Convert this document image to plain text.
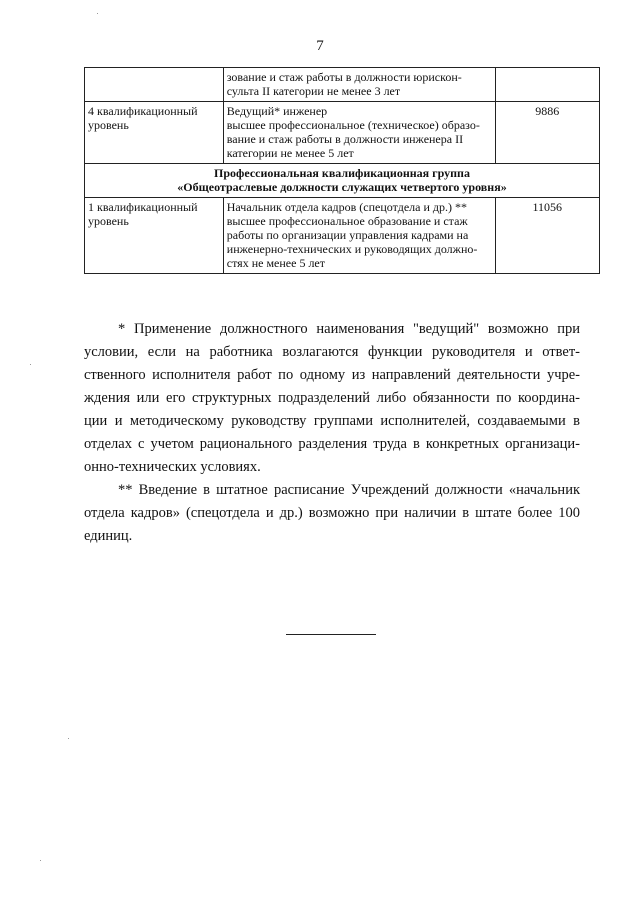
7

	зование и стаж работы в должности юрискон-
сульта II категории не менее 3 лет	

4 квалификационный
уровень	Ведущий* инженер
высшее профессиональное (техническое) образо-
вание и стаж работы в должности инженера II
категории не менее 5 лет	9886

Профессиональная квалификационная группа
«Общеотраслевые должности служащих четвертого уровня»		

1 квалификационный
уровень	Начальник отдела кадров (спецотдела и др.) **
высшее профессиональное образование и стаж
работы по организации управления кадрами на
инженерно-технических и руководящих должно-
стях не менее 5 лет	11056
* Применение должностного наименования "ведущий" возможно при
условии, если на работника возлагаются функции руководителя и ответ-
ственного исполнителя работ по одному из направлений деятельности учре-
ждения или его структурных подразделений либо обязанности по координа-
ции и методическому руководству группами исполнителей, создаваемыми в
отделах с учетом рационального разделения труда в конкретных организаци-
онно-технических условиях.
** Введение в штатное расписание Учреждений должности «начальник
отдела кадров» (спецотдела и др.) возможно при наличии в штате более 100
единиц.
